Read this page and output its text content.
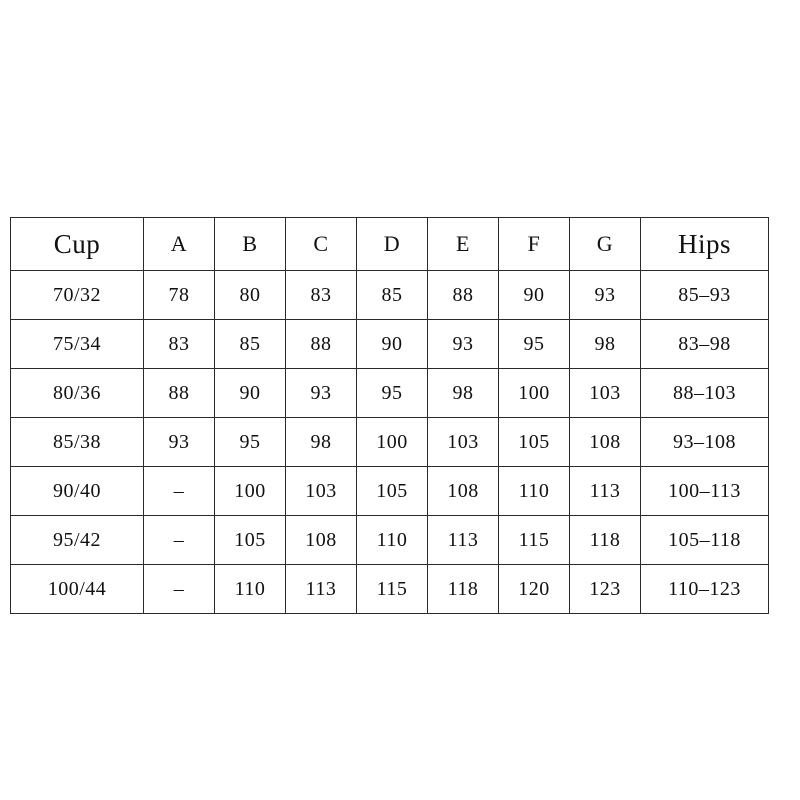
Cup	A	B	C	D	E	F	G	Hips
70/32	78	80	83	85	88	90	93	85‒93
75/34	83	85	88	90	93	95	98	83‒98
80/36	88	90	93	95	98	100	103	88‒103
85/38	93	95	98	100	103	105	108	93‒108
90/40	‒	100	103	105	108	110	113	100‒113
95/42	‒	105	108	110	113	115	118	105‒118
100/44	‒	110	113	115	118	120	123	110‒123
